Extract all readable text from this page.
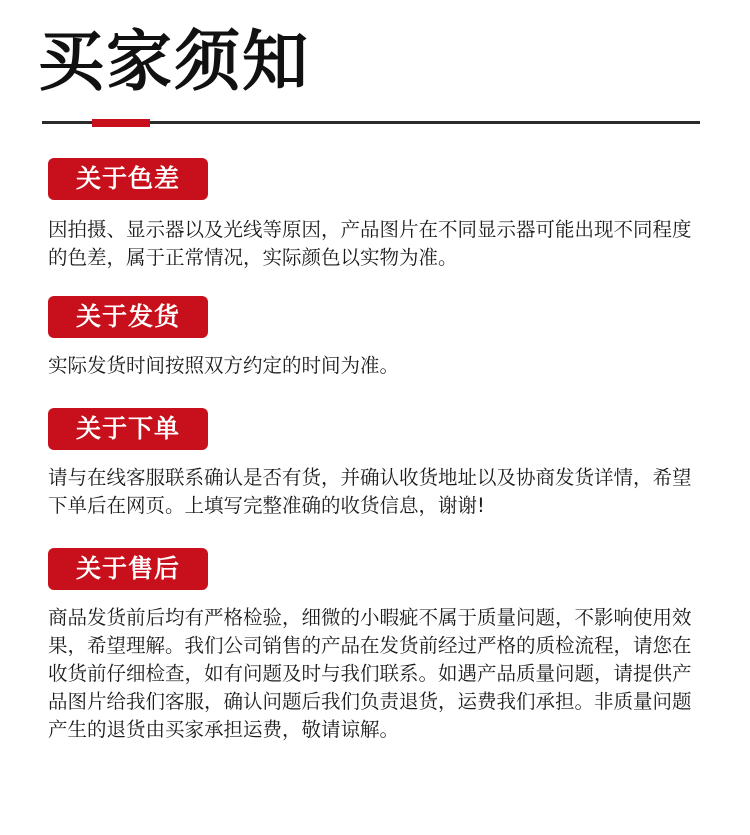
买家须知
关于色差

因拍摄、显示器以及光线等原因，产品图片在不同显示器可能出现不同程度的色差，属于正常情况，实际颜色以实物为准。

关于发货

实际发货时间按照双方约定的时间为准。

关于下单

请与在线客服联系确认是否有货，并确认收货地址以及协商发货详情，希望下单后在网页。上填写完整准确的收货信息，谢谢!

关于售后

商品发货前后均有严格检验，细微的小暇疵不属于质量问题，不影响使用效果，希望理解。我们公司销售的产品在发货前经过严格的质检流程，请您在收货前仔细检查，如有问题及时与我们联系。如遇产品质量问题，请提供产品图片给我们客服，确认问题后我们负责退货，运费我们承担。非质量问题产生的退货由买家承担运费，敬请谅解。
